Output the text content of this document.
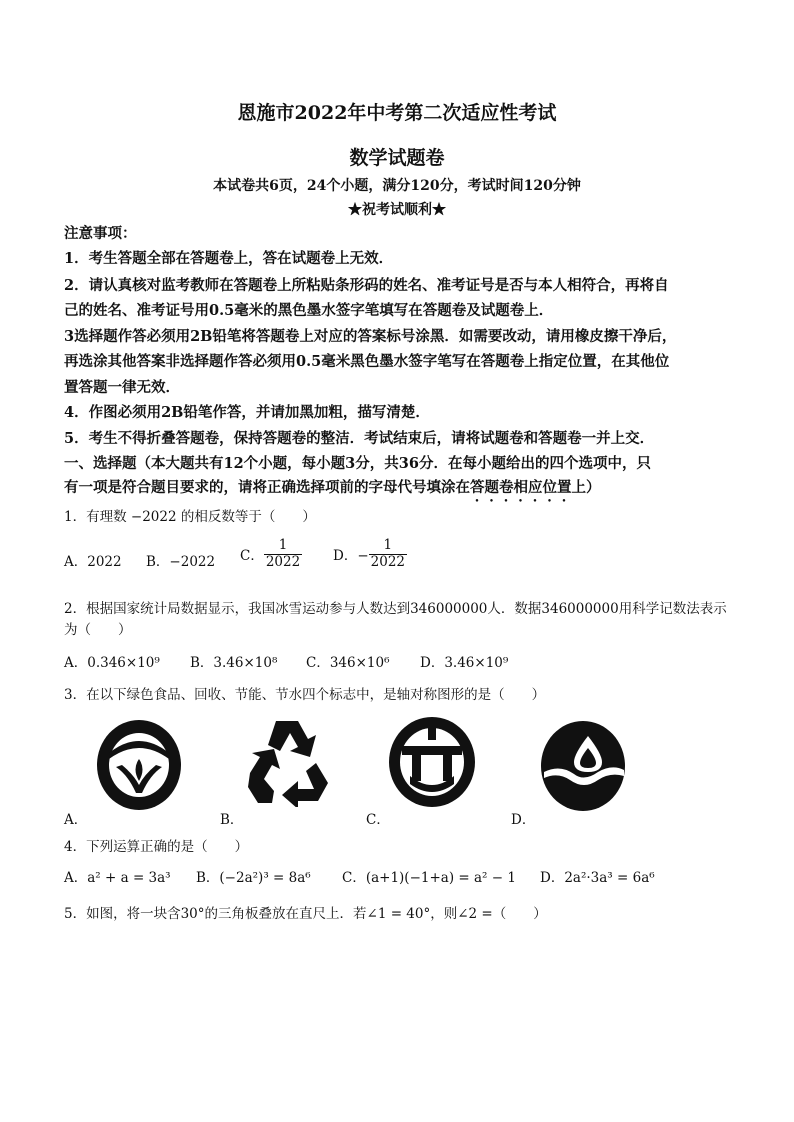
恩施市2022年中考第二次适应性考试
数学试题卷
本试卷共6页，24个小题，满分120分，考试时间120分钟
★祝考试顺利★
注意事项：
1．考生答题全部在答题卷上，答在试题卷上无效．
2．请认真核对监考教师在答题卷上所粘贴条形码的姓名、准考证号是否与本人相符合，再将自
己的姓名、准考证号用0.5毫米的黑色墨水签字笔填写在答题卷及试题卷上．
3选择题作答必须用2B铅笔将答题卷上对应的答案标号涂黑．如需要改动，请用橡皮擦干净后，
再选涂其他答案非选择题作答必须用0.5毫米黑色墨水签字笔写在答题卷上指定位置，在其他位
置答题一律无效．
4．作图必须用2B铅笔作答，并请加黑加粗，描写清楚．
5．考生不得折叠答题卷，保持答题卷的整洁．考试结束后，请将试题卷和答题卷一并上交．
一、选择题（本大题共有12个小题，每小题3分，共36分．在每小题给出的四个选项中，只
有一项是符合题目要求的，请将正确选择项前的字母代号填涂在答题卷相应位置上）
1．有理数 −2022 的相反数等于（　　）
A．2022 B．−2022 C． $\frac{1}{2022}$ D．− $\frac{1}{2022}$
2．根据国家统计局数据显示，我国冰雪运动参与人数达到346000000人．数据346000000用科学记数法表示
为（　　）
A．0.346×10⁹ B．3.46×10⁸ C．346×10⁶ D．3.46×10⁹
3．在以下绿色食品、回收、节能、节水四个标志中，是轴对称图形的是（　　）
A．	B．	C．	D．
4．下列运算正确的是（　　）
A．a² + a = 3a³ B．(−2a²)³ = 8a⁶ C．(a+1)(−1+a) = a² − 1 D．2a²·3a³ = 6a⁶
5．如图，将一块含30°的三角板叠放在直尺上．若∠1 = 40°，则∠2 =（　　）
